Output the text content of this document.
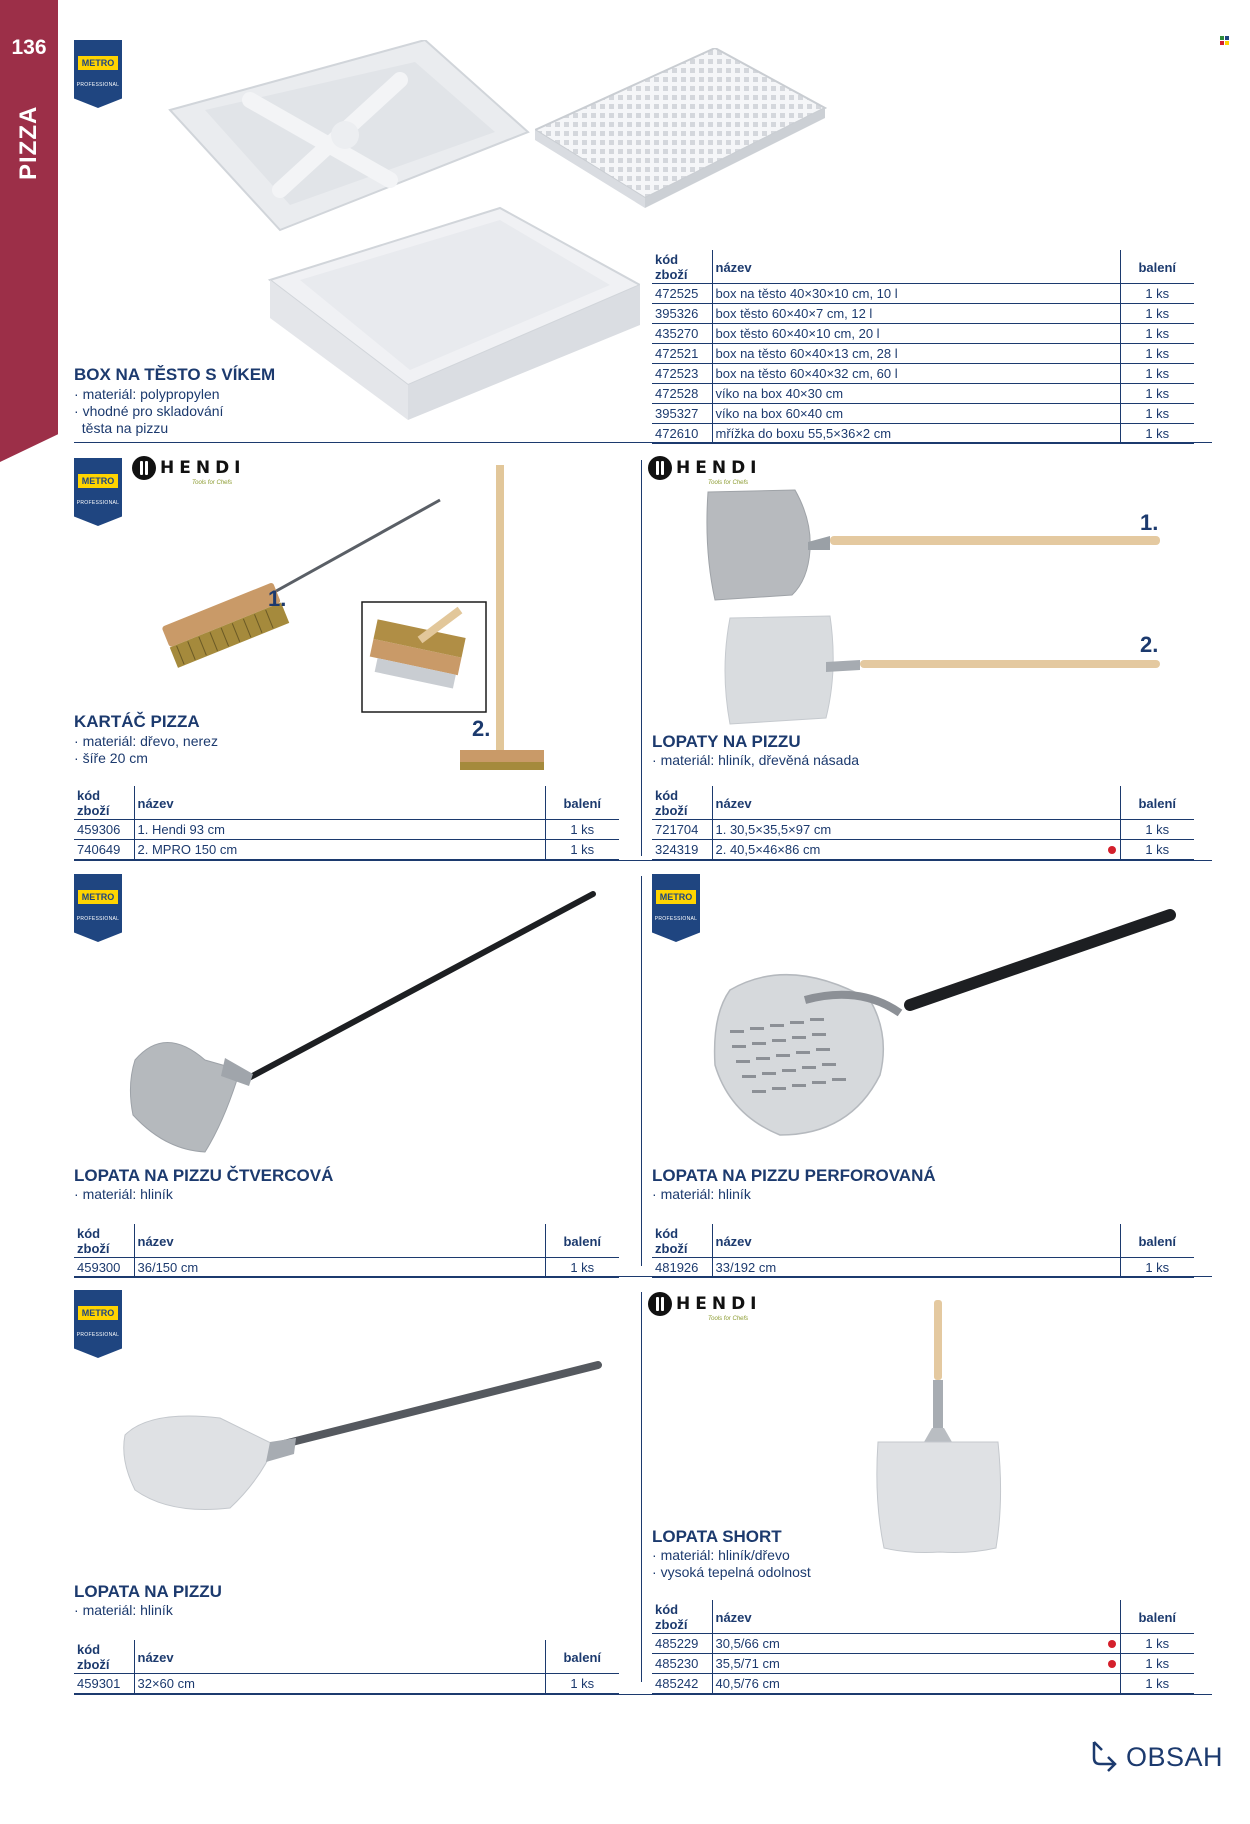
136
PIZZA
METRO
PROFESSIONAL
BOX NA TĚSTO S VÍKEM
· materiál: polypropylen
· vhodné pro skladování
těsta na pizzu
kód zboží	název	balení
472525	box na těsto 40×30×10 cm, 10 l	1 ks
395326	box těsto 60×40×7 cm, 12 l	1 ks
435270	box těsto 60×40×10 cm, 20 l	1 ks
472521	box na těsto 60×40×13 cm, 28 l	1 ks
472523	box na těsto 60×40×32 cm, 60 l	1 ks
472528	víko na box 40×30 cm	1 ks
395327	víko na box 60×40 cm	1 ks
472610	mřížka do boxu 55,5×36×2 cm	1 ks
METRO
PROFESSIONAL
HENDI
Tools for Chefs
1.
2.
KARTÁČ PIZZA
· materiál: dřevo, nerez
· šíře 20 cm
kód zboží	název	balení
459306	1. Hendi 93 cm	1 ks
740649	2. MPRO 150 cm	1 ks
HENDI
Tools for Chefs
1.
2.
LOPATY NA PIZZU
· materiál: hliník, dřevěná násada
kód zboží	název	balení
721704	1. 30,5×35,5×97 cm	1 ks
324319	2. 40,5×46×86 cm	1 ks
METRO
PROFESSIONAL
LOPATA NA PIZZU ČTVERCOVÁ
· materiál: hliník
kód zboží	název	balení
459300	36/150 cm	1 ks
METRO
PROFESSIONAL
LOPATA NA PIZZU PERFOROVANÁ
· materiál: hliník
kód zboží	název	balení
481926	33/192 cm	1 ks
METRO
PROFESSIONAL
LOPATA NA PIZZU
· materiál: hliník
kód zboží	název	balení
459301	32×60 cm	1 ks
HENDI
Tools for Chefs
LOPATA SHORT
· materiál: hliník/dřevo
· vysoká tepelná odolnost
kód zboží	název	balení
485229	30,5/66 cm	1 ks
485230	35,5/71 cm	1 ks
485242	40,5/76 cm	1 ks
OBSAH
